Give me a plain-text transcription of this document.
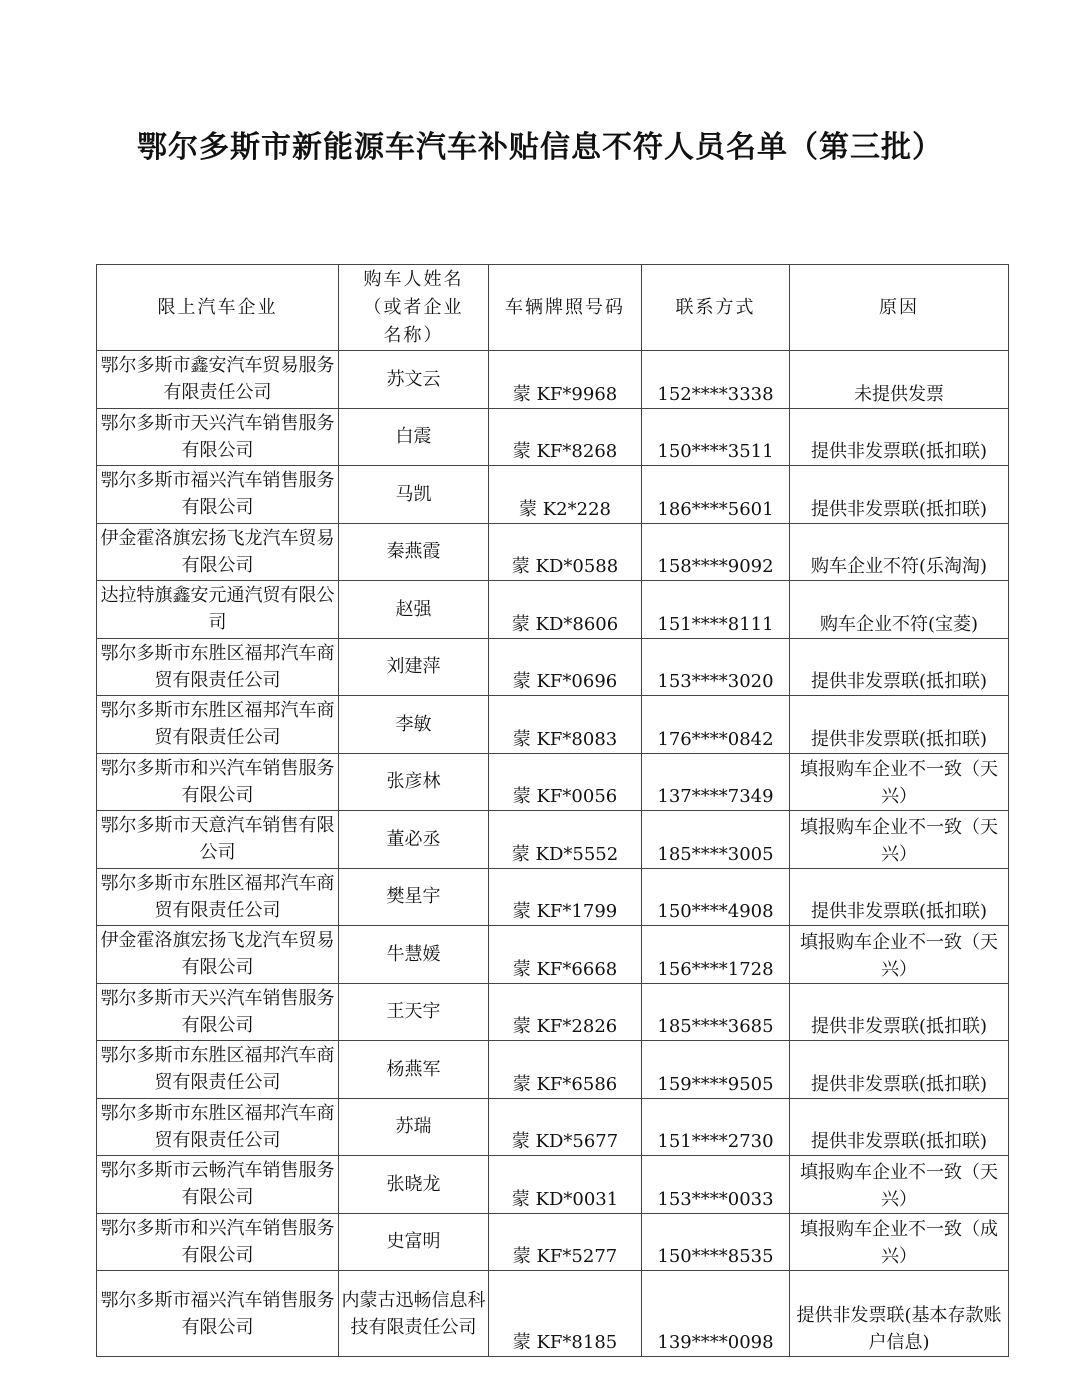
鄂尔多斯市新能源车汽车补贴信息不符人员名单（第三批）
限上汽车企业	购车人姓名（或者企业名称）	车辆牌照号码	联系方式	原因
鄂尔多斯市鑫安汽车贸易服务有限责任公司	苏文云	蒙 KF*9968	152****3338	未提供发票
鄂尔多斯市天兴汽车销售服务有限公司	白震	蒙 KF*8268	150****3511	提供非发票联(抵扣联)
鄂尔多斯市福兴汽车销售服务有限公司	马凯	蒙 K2*228	186****5601	提供非发票联(抵扣联)
伊金霍洛旗宏扬飞龙汽车贸易有限公司	秦燕霞	蒙 KD*0588	158****9092	购车企业不符(乐淘淘)
达拉特旗鑫安元通汽贸有限公司	赵强	蒙 KD*8606	151****8111	购车企业不符(宝菱)
鄂尔多斯市东胜区福邦汽车商贸有限责任公司	刘建萍	蒙 KF*0696	153****3020	提供非发票联(抵扣联)
鄂尔多斯市东胜区福邦汽车商贸有限责任公司	李敏	蒙 KF*8083	176****0842	提供非发票联(抵扣联)
鄂尔多斯市和兴汽车销售服务有限公司	张彦林	蒙 KF*0056	137****7349	填报购车企业不一致（天兴）
鄂尔多斯市天意汽车销售有限公司	董必丞	蒙 KD*5552	185****3005	填报购车企业不一致（天兴）
鄂尔多斯市东胜区福邦汽车商贸有限责任公司	樊星宇	蒙 KF*1799	150****4908	提供非发票联(抵扣联)
伊金霍洛旗宏扬飞龙汽车贸易有限公司	牛慧媛	蒙 KF*6668	156****1728	填报购车企业不一致（天兴）
鄂尔多斯市天兴汽车销售服务有限公司	王天宇	蒙 KF*2826	185****3685	提供非发票联(抵扣联)
鄂尔多斯市东胜区福邦汽车商贸有限责任公司	杨燕军	蒙 KF*6586	159****9505	提供非发票联(抵扣联)
鄂尔多斯市东胜区福邦汽车商贸有限责任公司	苏瑞	蒙 KD*5677	151****2730	提供非发票联(抵扣联)
鄂尔多斯市云畅汽车销售服务有限公司	张晓龙	蒙 KD*0031	153****0033	填报购车企业不一致（天兴）
鄂尔多斯市和兴汽车销售服务有限公司	史富明	蒙 KF*5277	150****8535	填报购车企业不一致（成兴）
鄂尔多斯市福兴汽车销售服务有限公司	内蒙古迅畅信息科技有限责任公司	蒙 KF*8185	139****0098	提供非发票联(基本存款账户信息)
